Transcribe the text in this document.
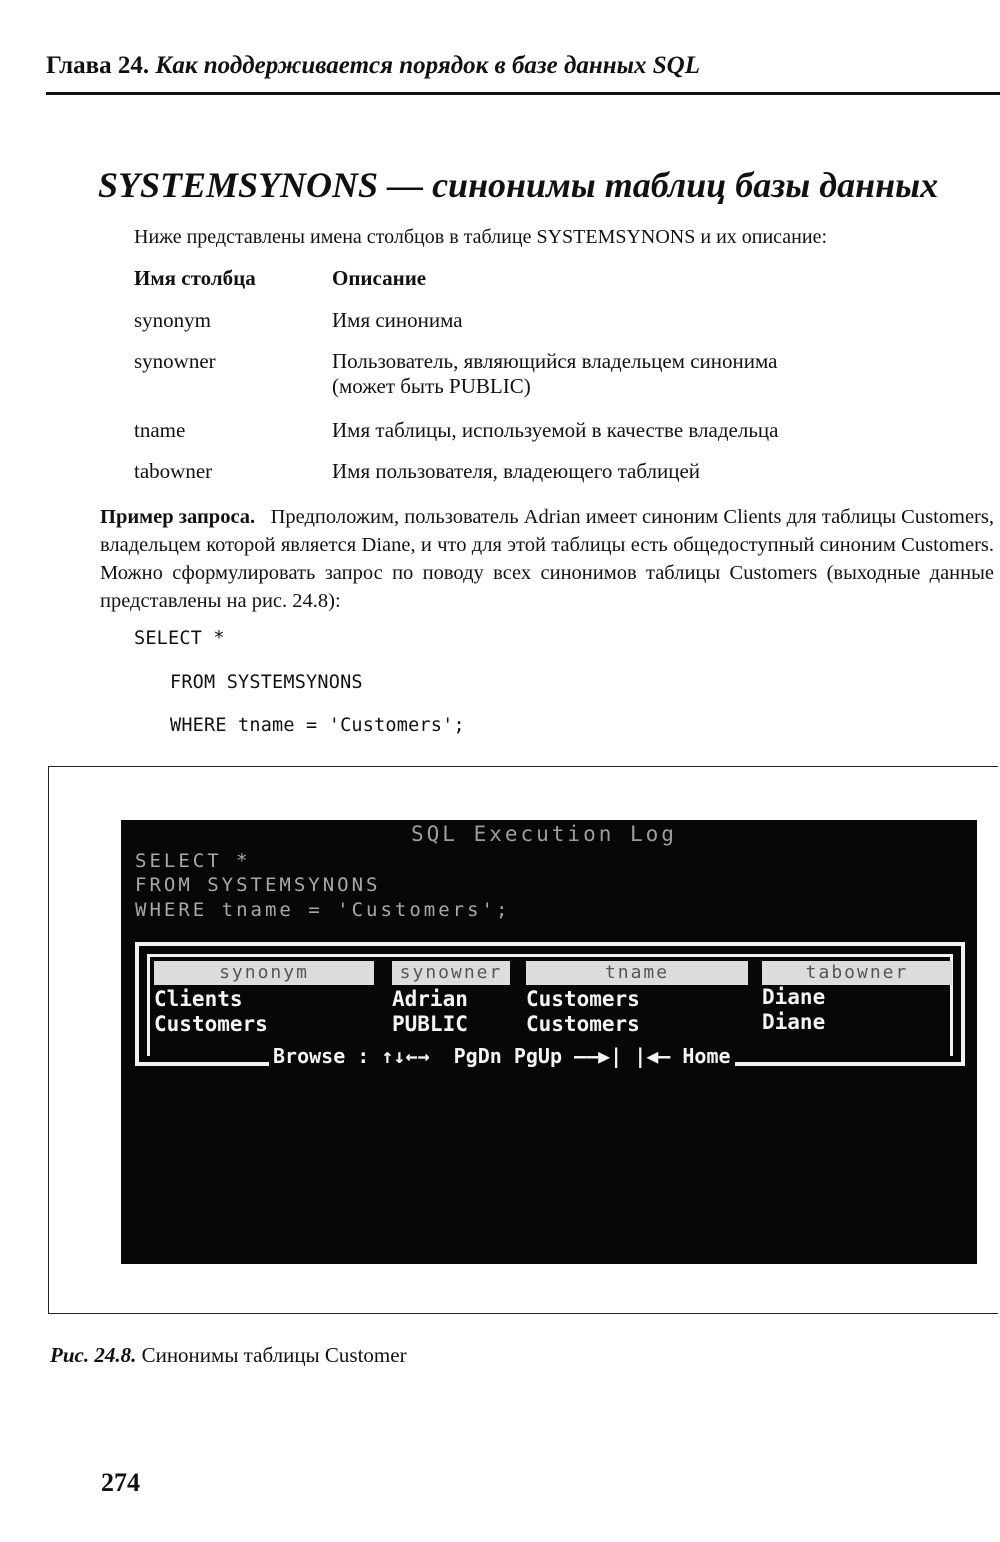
Глава 24. Как поддерживается порядок в базе данных SQL
SYSTEMSYNONS — синонимы таблиц базы данных
Ниже представлены имена столбцов в таблице SYSTEMSYNONS и их описание:
Имя столбца	Описание
synonym	Имя синонима
synowner	Пользователь, являющийся владельцем синонима
(может быть PUBLIC)
tname	Имя таблицы, используемой в качестве владельца
tabowner	Имя пользователя, владеющего таблицей
Пример запроса. Предположим, пользователь Adrian имеет синоним Clients для таблицы Customers, владельцем которой является Diane, и что для этой таблицы есть общедоступный синоним Customers. Можно сформулировать запрос по поводу всех синонимов таблицы Customers (выходные данные представлены на рис. 24.8):
SELECT *
FROM SYSTEMSYNONS
WHERE tname = 'Customers';
SQL Execution Log
SELECT *
FROM SYSTEMSYNONS
WHERE tname = 'Customers';
synonym	synowner	tname	tabowner
Clients	Adrian	Customers	Diane
Customers	PUBLIC	Customers	Diane
Browse : ↑↓←→  PgDn PgUp ——▶| |◀— Home
Рис. 24.8. Синонимы таблицы Customer
274
